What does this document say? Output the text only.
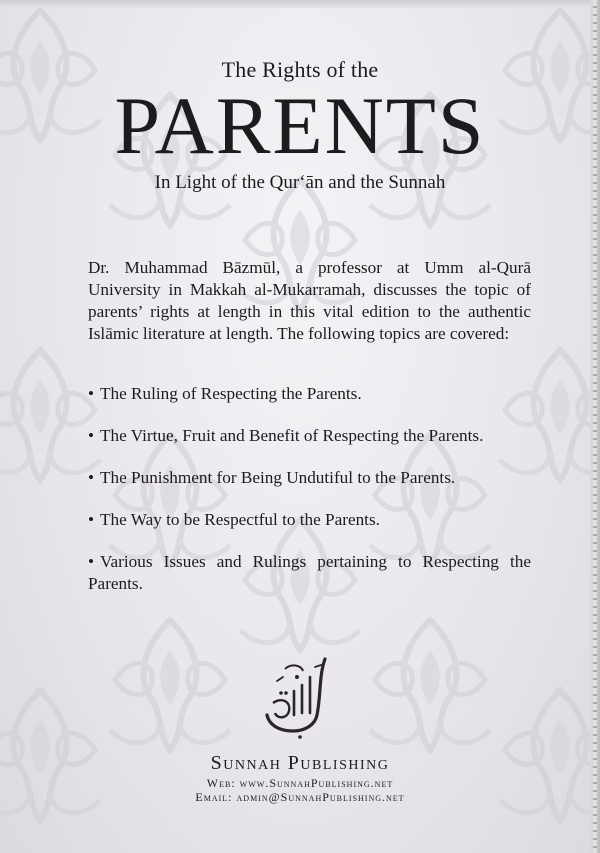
The Rights of the
PARENTS
In Light of the Qur‘ān and the Sunnah
Dr. Muhammad Bāzmūl, a professor at Umm al-Qurā University in Makkah al-Mukarramah, discusses the topic of parents’ rights at length in this vital edition to the authentic Islāmic literature at length. The following topics are covered:
• The Ruling of Respecting the Parents.
• The Virtue, Fruit and Benefit of Respecting the Parents.
• The Punishment for Being Undutiful to the Parents.
• The Way to be Respectful to the Parents.
• Various Issues and Rulings pertaining to Respecting the Parents.
Sunnah Publishing
Web: www.SunnahPublishing.net
Email: admin@SunnahPublishing.net
